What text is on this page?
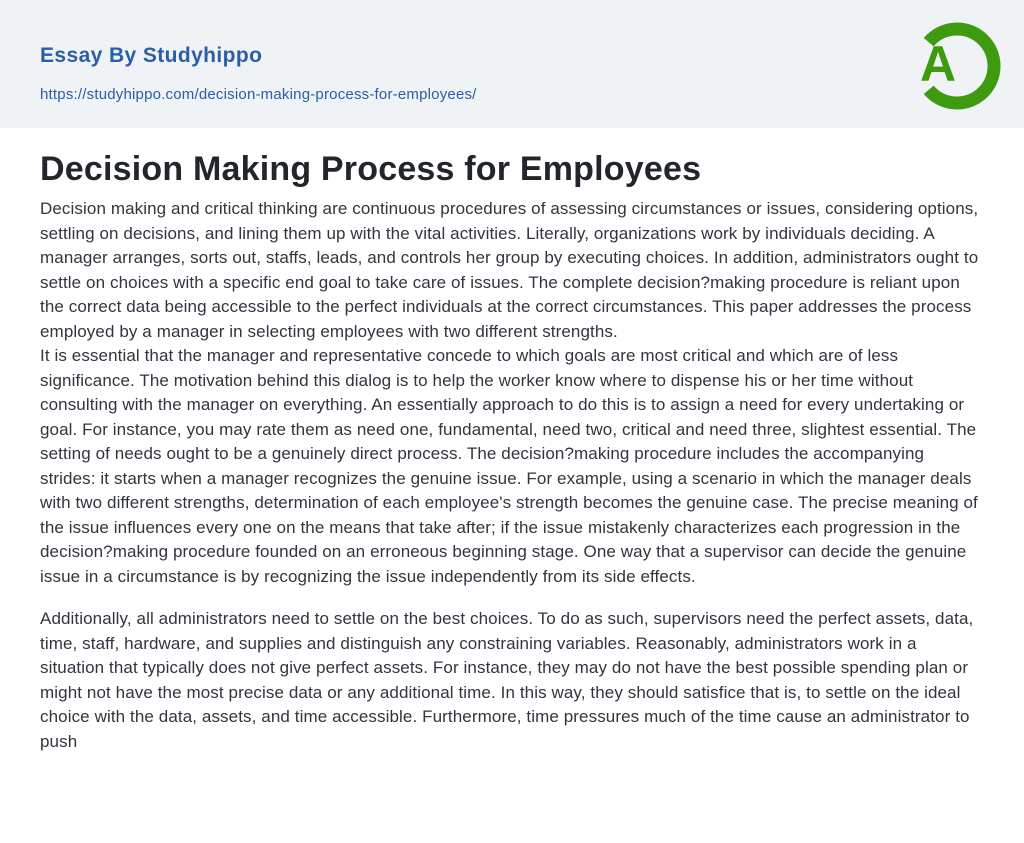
Essay By Studyhippo
https://studyhippo.com/decision-making-process-for-employees/
A
Decision Making Process for Employees

Decision making and critical thinking are continuous procedures of assessing circumstances or issues, considering options, settling on decisions, and lining them up with the vital activities. Literally, organizations work by individuals deciding. A manager arranges, sorts out, staffs, leads, and controls her group by executing choices. In addition, administrators ought to settle on choices with a specific end goal to take care of issues. The complete decision?making procedure is reliant upon the correct data being accessible to the perfect individuals at the correct circumstances. This paper addresses the process employed by a manager in selecting employees with two different strengths.

It is essential that the manager and representative concede to which goals are most critical and which are of less significance. The motivation behind this dialog is to help the worker know where to dispense his or her time without consulting with the manager on everything. An essentially approach to do this is to assign a need for every undertaking or goal. For instance, you may rate them as need one, fundamental, need two, critical and need three, slightest essential. The setting of needs ought to be a genuinely direct process. The decision?making procedure includes the accompanying strides: it starts when a manager recognizes the genuine issue. For example, using a scenario in which the manager deals with two different strengths, determination of each employee's strength becomes the genuine case. The precise meaning of the issue influences every one on the means that take after; if the issue mistakenly characterizes each progression in the decision?making procedure founded on an erroneous beginning stage. One way that a supervisor can decide the genuine issue in a circumstance is by recognizing the issue independently from its side effects.

Additionally, all administrators need to settle on the best choices. To do as such, supervisors need the perfect assets, data, time, staff, hardware, and supplies and distinguish any constraining variables. Reasonably, administrators work in a situation that typically does not give perfect assets. For instance, they may do not have the best possible spending plan or might not have the most precise data or any additional time. In this way, they should satisfice that is, to settle on the ideal choice with the data, assets, and time accessible. Furthermore, time pressures much of the time cause an administrator to push
